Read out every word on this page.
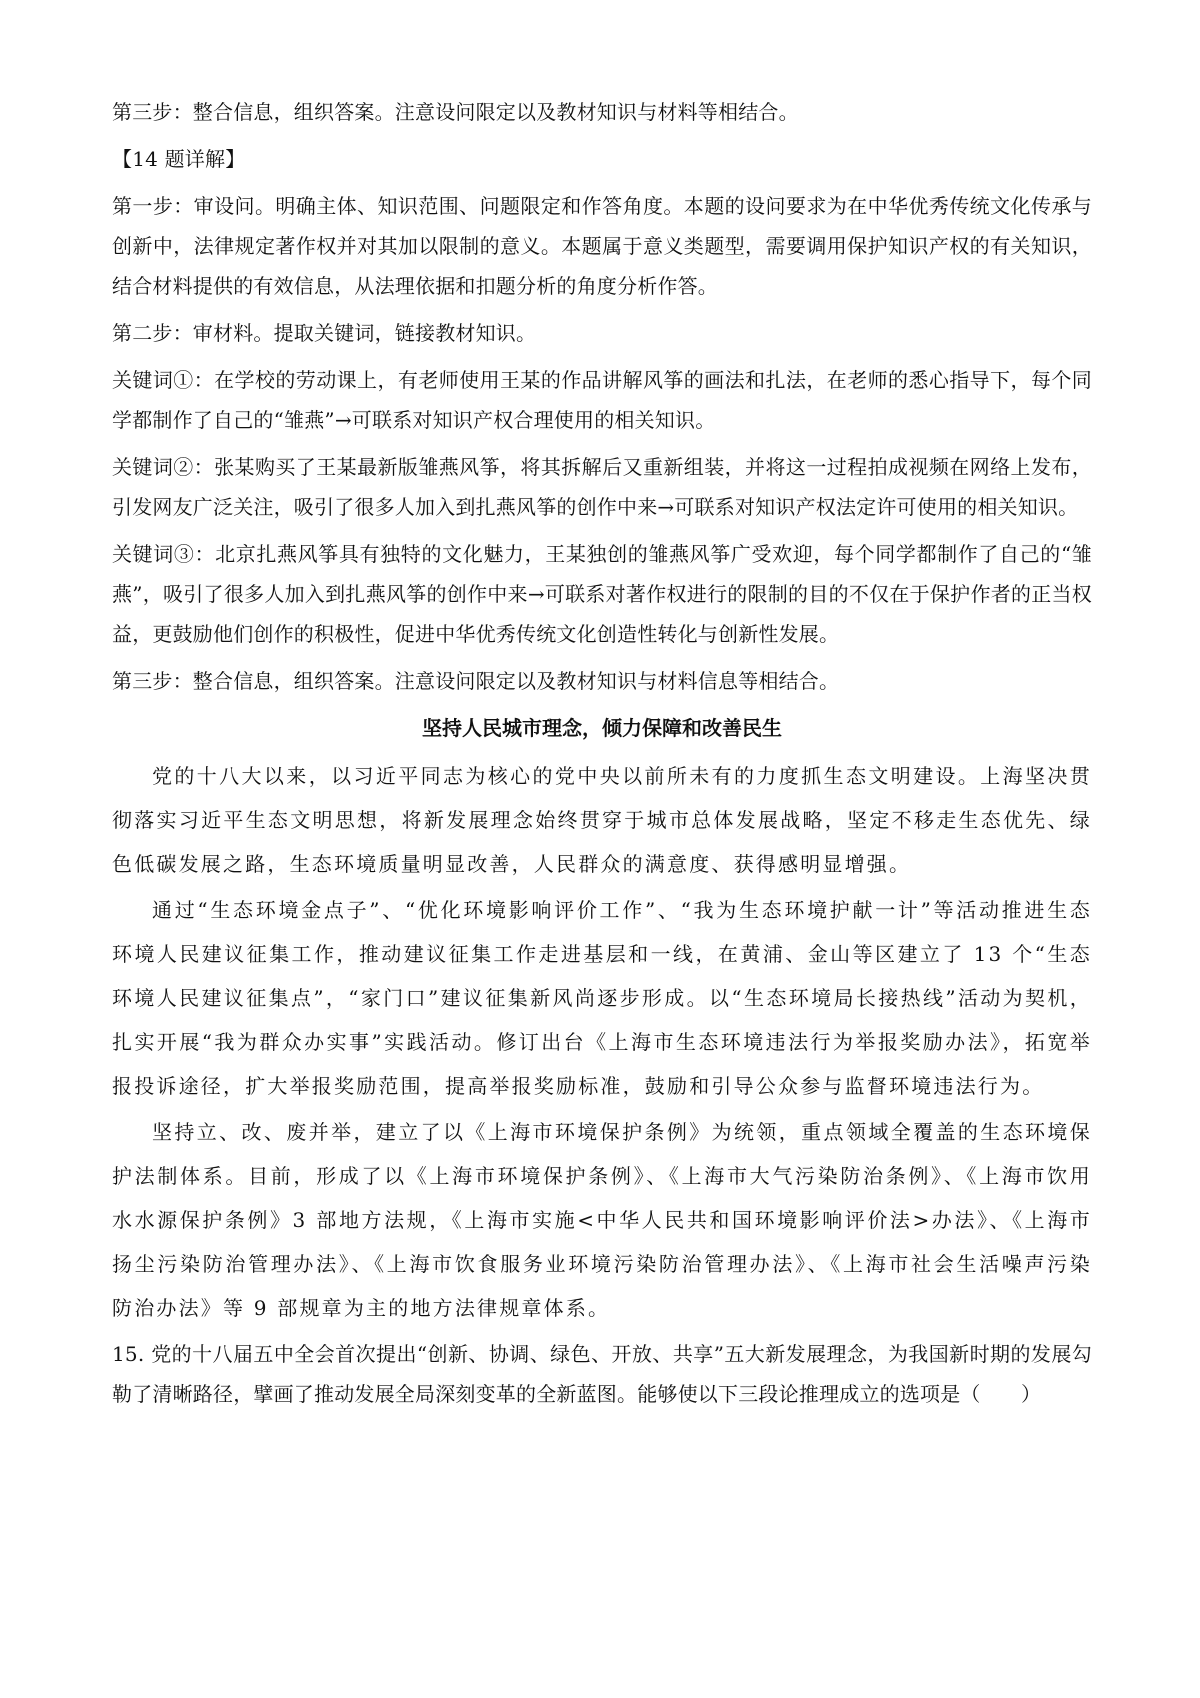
第三步：整合信息，组织答案。注意设问限定以及教材知识与材料等相结合。

【14 题详解】

第一步：审设问。明确主体、知识范围、问题限定和作答角度。本题的设问要求为在中华优秀传统文化传承与创新中，法律规定著作权并对其加以限制的意义。本题属于意义类题型，需要调用保护知识产权的有关知识，结合材料提供的有效信息，从法理依据和扣题分析的角度分析作答。

第二步：审材料。提取关键词，链接教材知识。

关键词①：在学校的劳动课上，有老师使用王某的作品讲解风筝的画法和扎法，在老师的悉心指导下，每个同学都制作了自己的“雏燕”→可联系对知识产权合理使用的相关知识。

关键词②：张某购买了王某最新版雏燕风筝，将其拆解后又重新组装，并将这一过程拍成视频在网络上发布，引发网友广泛关注，吸引了很多人加入到扎燕风筝的创作中来→可联系对知识产权法定许可使用的相关知识。

关键词③：北京扎燕风筝具有独特的文化魅力，王某独创的雏燕风筝广受欢迎，每个同学都制作了自己的“雏燕”，吸引了很多人加入到扎燕风筝的创作中来→可联系对著作权进行的限制的目的不仅在于保护作者的正当权益，更鼓励他们创作的积极性，促进中华优秀传统文化创造性转化与创新性发展。

第三步：整合信息，组织答案。注意设问限定以及教材知识与材料信息等相结合。

坚持人民城市理念，倾力保障和改善民生

党的十八大以来，以习近平同志为核心的党中央以前所未有的力度抓生态文明建设。上海坚决贯彻落实习近平生态文明思想，将新发展理念始终贯穿于城市总体发展战略，坚定不移走生态优先、绿色低碳发展之路，生态环境质量明显改善，人民群众的满意度、获得感明显增强。

通过“生态环境金点子”、“优化环境影响评价工作”、“我为生态环境护献一计”等活动推进生态环境人民建议征集工作，推动建议征集工作走进基层和一线，在黄浦、金山等区建立了 13 个“生态环境人民建议征集点”，“家门口”建议征集新风尚逐步形成。以“生态环境局长接热线”活动为契机，扎实开展“我为群众办实事”实践活动。修订出台《上海市生态环境违法行为举报奖励办法》，拓宽举报投诉途径，扩大举报奖励范围，提高举报奖励标准，鼓励和引导公众参与监督环境违法行为。

坚持立、改、废并举，建立了以《上海市环境保护条例》为统领，重点领域全覆盖的生态环境保护法制体系。目前，形成了以《上海市环境保护条例》、《上海市大气污染防治条例》、《上海市饮用水水源保护条例》3 部地方法规，《上海市实施<中华人民共和国环境影响评价法>办法》、《上海市扬尘污染防治管理办法》、《上海市饮食服务业环境污染防治管理办法》、《上海市社会生活噪声污染防治办法》等 9 部规章为主的地方法律规章体系。

15. 党的十八届五中全会首次提出“创新、协调、绿色、开放、共享”五大新发展理念，为我国新时期的发展勾勒了清晰路径，擘画了推动发展全局深刻变革的全新蓝图。能够使以下三段论推理成立的选项是（　　）
